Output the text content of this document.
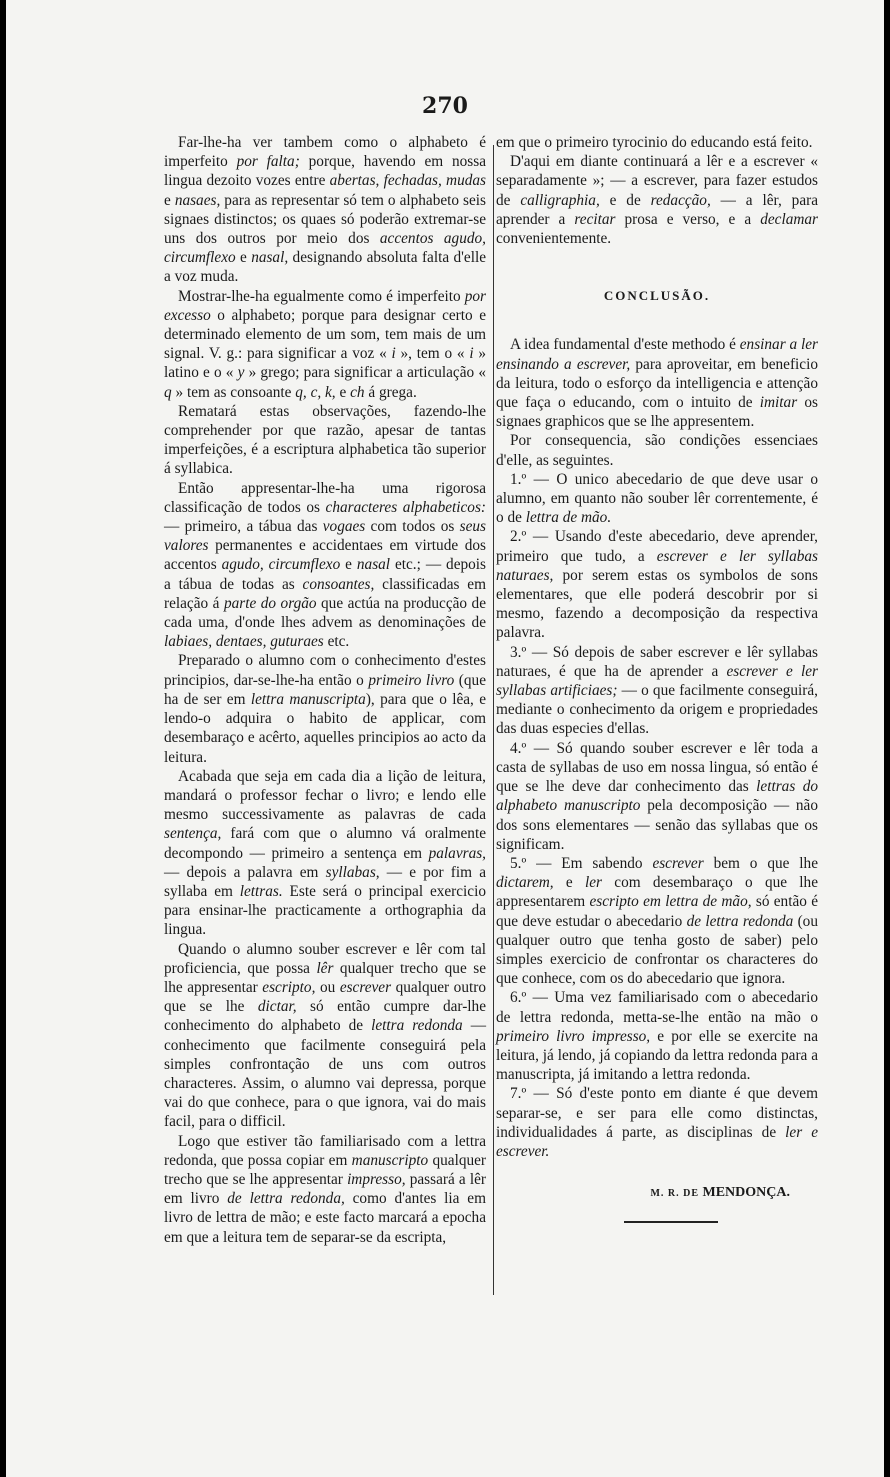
270

Far-lhe-ha ver tambem como o alphabeto é imperfeito por falta; porque, havendo em nossa lingua dezoito vozes entre abertas, fechadas, mudas e nasaes, para as representar só tem o alphabeto seis signaes distinctos; os quaes só poderão extremar-se uns dos outros por meio dos accentos agudo, circumflexo e nasal, designando absoluta falta d'elle a voz muda.

Mostrar-lhe-ha egualmente como é imperfeito por excesso o alphabeto; porque para designar certo e determinado elemento de um som, tem mais de um signal. V. g.: para significar a voz « i », tem o « i » latino e o « y » grego; para significar a articulação « q » tem as consoante q, c, k, e ch á grega.

Rematará estas observações, fazendo-lhe comprehender por que razão, apesar de tantas imperfeições, é a escriptura alphabetica tão superior á syllabica.

Então appresentar-lhe-ha uma rigorosa classificação de todos os characteres alphabeticos: — primeiro, a tábua das vogaes com todos os seus valores permanentes e accidentaes em virtude dos accentos agudo, circumflexo e nasal etc.; — depois a tábua de todas as consoantes, classificadas em relação á parte do orgão que actúa na producção de cada uma, d'onde lhes advem as denominações de labiaes, dentaes, guturaes etc.

Preparado o alumno com o conhecimento d'estes principios, dar-se-lhe-ha então o primeiro livro (que ha de ser em lettra manuscripta), para que o lêa, e lendo-o adquira o habito de applicar, com desembaraço e acêrto, aquelles principios ao acto da leitura.

Acabada que seja em cada dia a lição de leitura, mandará o professor fechar o livro; e lendo elle mesmo successivamente as palavras de cada sentença, fará com que o alumno vá oralmente decompondo — primeiro a sentença em palavras, — depois a palavra em syllabas, — e por fim a syllaba em lettras. Este será o principal exercicio para ensinar-lhe practicamente a orthographia da lingua.

Quando o alumno souber escrever e lêr com tal proficiencia, que possa lêr qualquer trecho que se lhe appresentar escripto, ou escrever qualquer outro que se lhe dictar, só então cumpre dar-lhe conhecimento do alphabeto de lettra redonda — conhecimento que facilmente conseguirá pela simples confrontação de uns com outros characteres. Assim, o alumno vai depressa, porque vai do que conhece, para o que ignora, vai do mais facil, para o difficil.

Logo que estiver tão familiarisado com a lettra redonda, que possa copiar em manuscripto qualquer trecho que se lhe appresentar impresso, passará a lêr em livro de lettra redonda, como d'antes lia em livro de lettra de mão; e este facto marcará a epocha em que a leitura tem de separar-se da escripta,

em que o primeiro tyrocinio do educando está feito.

D'aqui em diante continuará a lêr e a escrever « separadamente »; — a escrever, para fazer estudos de calligraphia, e de redacção, — a lêr, para aprender a recitar prosa e verso, e a declamar convenientemente.

CONCLUSÃO.

A idea fundamental d'este methodo é ensinar a ler ensinando a escrever, para aproveitar, em beneficio da leitura, todo o esforço da intelligencia e attenção que faça o educando, com o intuito de imitar os signaes graphicos que se lhe appresentem.

Por consequencia, são condições essenciaes d'elle, as seguintes.

1.º — O unico abecedario de que deve usar o alumno, em quanto não souber lêr correntemente, é o de lettra de mão.

2.º — Usando d'este abecedario, deve aprender, primeiro que tudo, a escrever e ler syllabas naturaes, por serem estas os symbolos de sons elementares, que elle poderá descobrir por si mesmo, fazendo a decomposição da respectiva palavra.

3.º — Só depois de saber escrever e lêr syllabas naturaes, é que ha de aprender a escrever e ler syllabas artificiaes; — o que facilmente conseguirá, mediante o conhecimento da origem e propriedades das duas especies d'ellas.

4.º — Só quando souber escrever e lêr toda a casta de syllabas de uso em nossa lingua, só então é que se lhe deve dar conhecimento das lettras do alphabeto manuscripto pela decomposição — não dos sons elementares — senão das syllabas que os significam.

5.º — Em sabendo escrever bem o que lhe dictarem, e ler com desembaraço o que lhe appresentarem escripto em lettra de mão, só então é que deve estudar o abecedario de lettra redonda (ou qualquer outro que tenha gosto de saber) pelo simples exercicio de confrontar os characteres do que conhece, com os do abecedario que ignora.

6.º — Uma vez familiarisado com o abecedario de lettra redonda, metta-se-lhe então na mão o primeiro livro impresso, e por elle se exercite na leitura, já lendo, já copiando da lettra redonda para a manuscripta, já imitando a lettra redonda.

7.º — Só d'este ponto em diante é que devem separar-se, e ser para elle como distinctas, individualidades á parte, as disciplinas de ler e escrever.

M. R. DE MENDONÇA.
